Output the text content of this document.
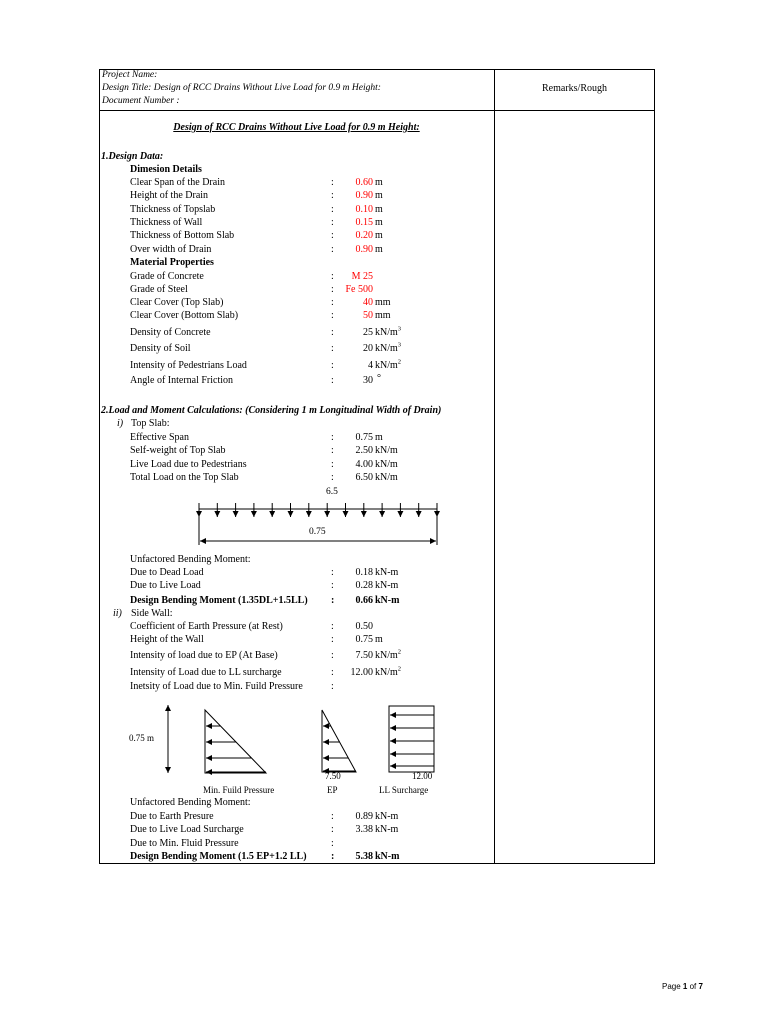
Project Name:
Design Title: Design of RCC Drains Without Live Load for 0.9 m Height:
Document Number :
Remarks/Rough
Design of RCC Drains Without Live Load for 0.9 m Height:
1.Design Data:
Dimesion Details
Clear Span of the Drain	: 0.60 m
Height of the Drain	: 0.90 m
Thickness of Topslab	: 0.10 m
Thickness of Wall	: 0.15 m
Thickness of Bottom Slab	: 0.20 m
Over width of Drain	: 0.90 m
Material Properties
Grade of Concrete	: M 25
Grade of Steel	: Fe 500
Clear Cover (Top Slab)	:	40 mm
Clear Cover (Bottom Slab)	:	50 mm
Density of Concrete	:	25 $kN/m^3$
Density of Soil	:	20 $kN/m^3$
Intensity of Pedestrians Load	:	4 $kN/m^2$
Angle of Internal Friction	:	30 °
2.Load and Moment Calculations: (Considering 1 m Longitudinal Width of Drain)
i) Top Slab:
Effective Span	: 0.75 m
Self-weight of Top Slab	: 2.50 kN/m
Live Load due to Pedestrians	: 4.00 kN/m
Total Load on the Top Slab	: 6.50 kN/m
6.5
0.75
Unfactored Bending Moment:
Due to Dead Load	: 0.18 kN-m
Due to Live Load	: 0.28 kN-m
Design Bending Moment (1.35DL+1.5LL) : 0.66 kN-m
ii) Side Wall:
Coefficient of Earth Pressure (at Rest)	: 0.50
Height of the Wall	: 0.75 m
Intensity of load due to EP (At Base)	: 7.50 $kN/m^2$
Intensity of Load due to LL surcharge	: 12.00 $kN/m^2$
Inetsity of Load due to Min. Fuild Pressure	:
0.75 m
7.50	12.00
Min. Fuild Pressure	EP	LL Surcharge
Unfactored Bending Moment:
Due to Earth Presure	: 0.89 kN-m
Due to Live Load Surcharge	: 3.38 kN-m
Due to Min. Fluid Pressure	:
Design Bending Moment (1.5 EP+1.2 LL) : 5.38 kN-m
Page 1 of 7
